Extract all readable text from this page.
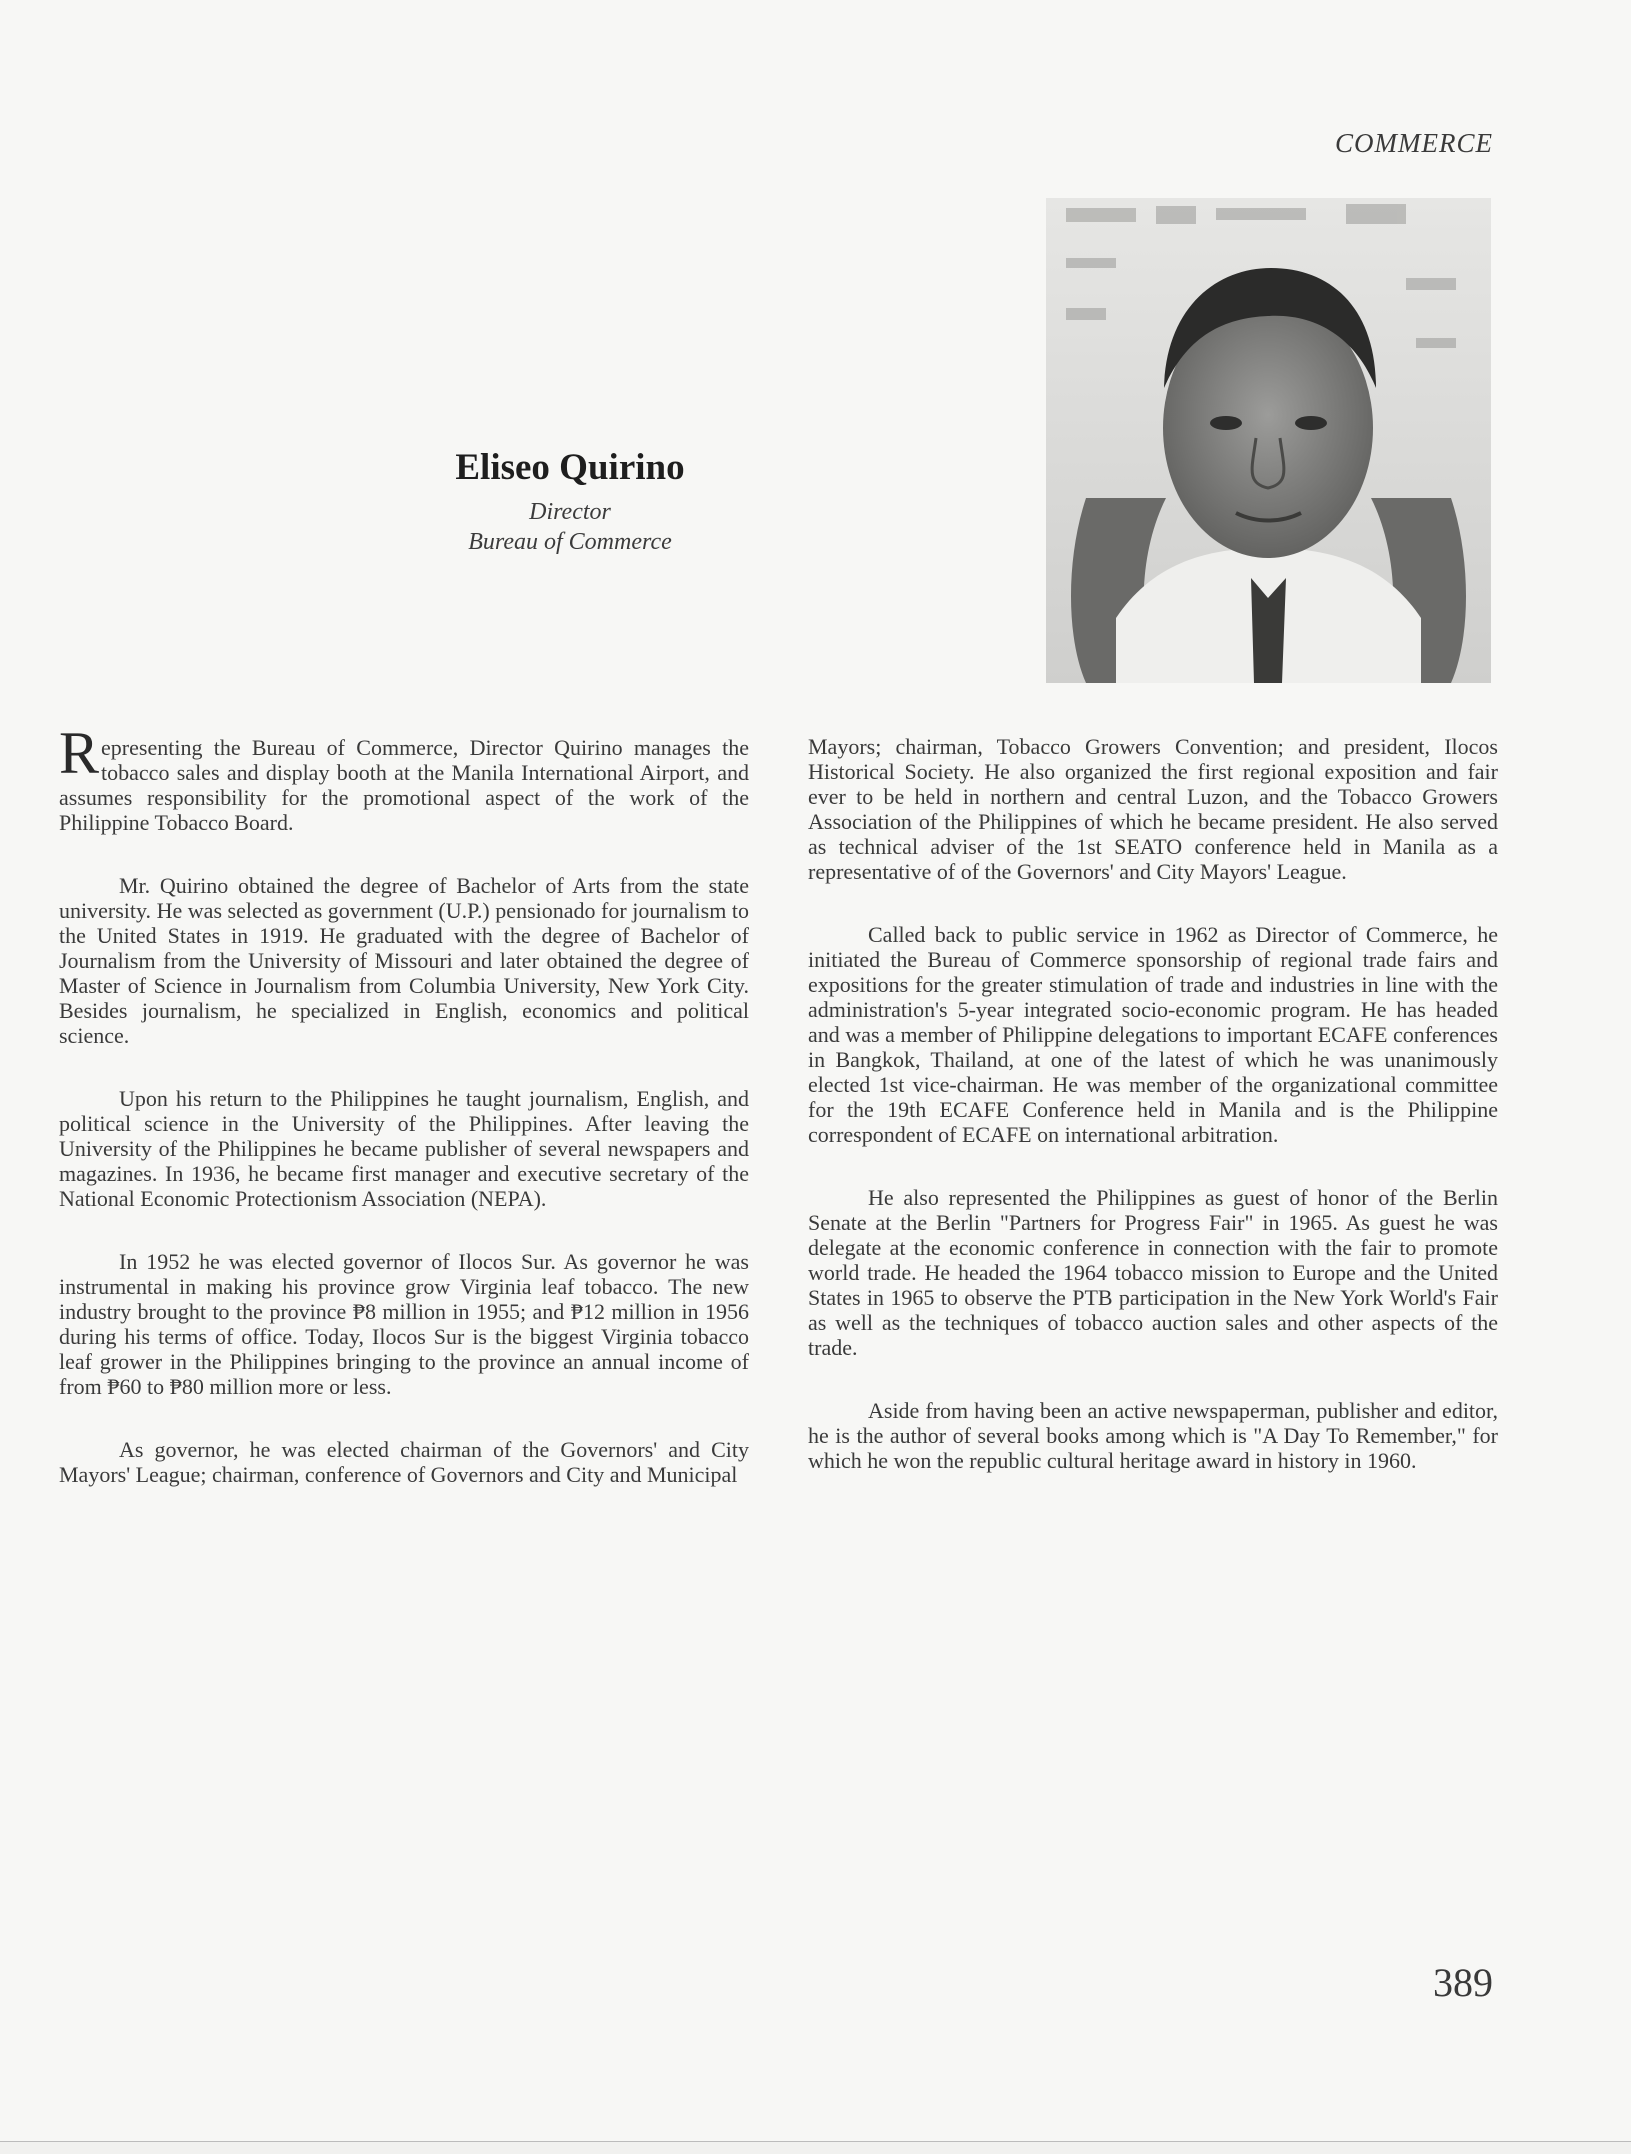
COMMERCE
Eliseo Quirino
Director
Bureau of Commerce

Representing the Bureau of Commerce, Director Quirino manages the tobacco sales and display booth at the Manila International Airport, and assumes responsibility for the promotional aspect of the work of the Philippine Tobacco Board.

Mr. Quirino obtained the degree of Bachelor of Arts from the state university. He was selected as government (U.P.) pensionado for journalism to the United States in 1919. He graduated with the degree of Bachelor of Journalism from the University of Missouri and later obtained the degree of Master of Science in Journalism from Columbia University, New York City. Besides journalism, he specialized in English, economics and political science.

Upon his return to the Philippines he taught journalism, English, and political science in the University of the Philippines. After leaving the University of the Philippines he became publisher of several newspapers and magazines. In 1936, he became first manager and executive secretary of the National Economic Protectionism Association (NEPA).

In 1952 he was elected governor of Ilocos Sur. As governor he was instrumental in making his province grow Virginia leaf tobacco. The new industry brought to the province ₱8 million in 1955; and ₱12 million in 1956 during his terms of office. Today, Ilocos Sur is the biggest Virginia tobacco leaf grower in the Philippines bringing to the province an annual income of from ₱60 to ₱80 million more or less.

As governor, he was elected chairman of the Governors' and City Mayors' League; chairman, conference of Governors and City and Municipal

Mayors; chairman, Tobacco Growers Convention; and president, Ilocos Historical Society. He also organized the first regional exposition and fair ever to be held in northern and central Luzon, and the Tobacco Growers Association of the Philippines of which he became president. He also served as technical adviser of the 1st SEATO conference held in Manila as a representative of of the Governors' and City Mayors' League.

Called back to public service in 1962 as Director of Commerce, he initiated the Bureau of Commerce sponsorship of regional trade fairs and expositions for the greater stimulation of trade and industries in line with the administration's 5-year integrated socio-economic program. He has headed and was a member of Philippine delegations to important ECAFE conferences in Bangkok, Thailand, at one of the latest of which he was unanimously elected 1st vice-chairman. He was member of the organizational committee for the 19th ECAFE Conference held in Manila and is the Philippine correspondent of ECAFE on international arbitration.

He also represented the Philippines as guest of honor of the Berlin Senate at the Berlin "Partners for Progress Fair" in 1965. As guest he was delegate at the economic conference in connection with the fair to promote world trade. He headed the 1964 tobacco mission to Europe and the United States in 1965 to observe the PTB participation in the New York World's Fair as well as the techniques of tobacco auction sales and other aspects of the trade.

Aside from having been an active newspaperman, publisher and editor, he is the author of several books among which is "A Day To Remember," for which he won the republic cultural heritage award in history in 1960.

389
